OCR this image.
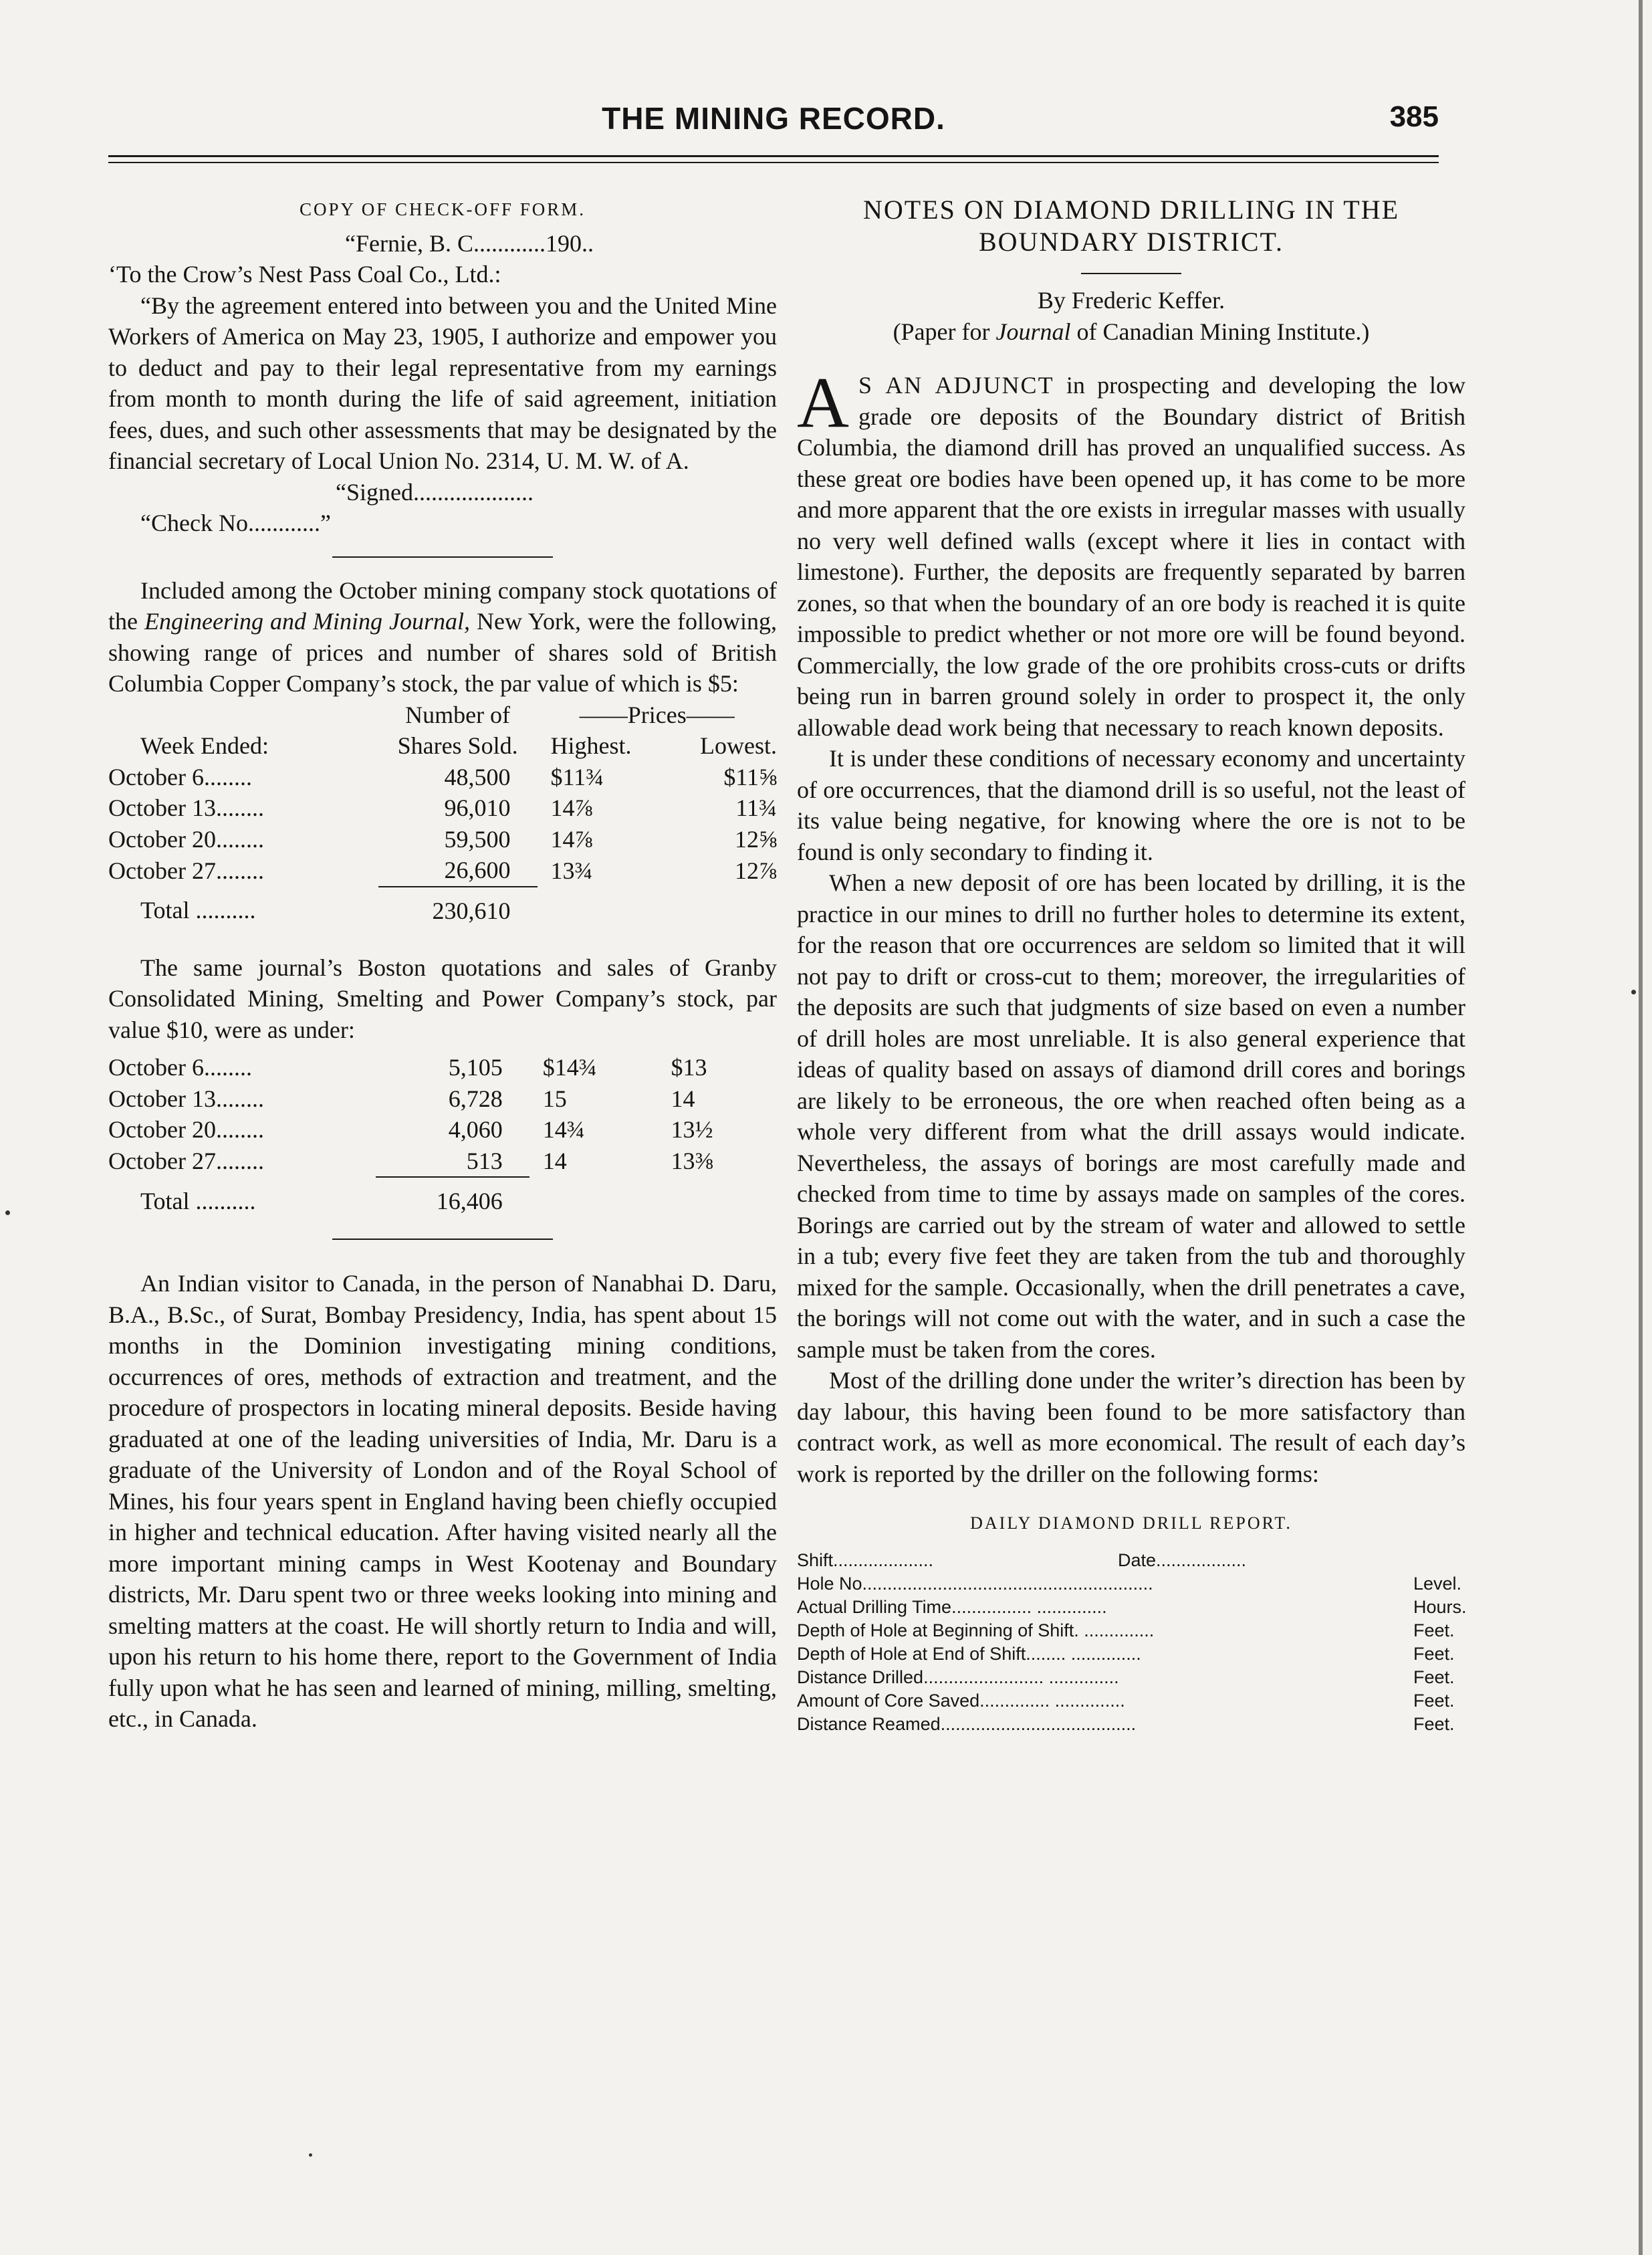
THE MINING RECORD.	385
COPY OF CHECK-OFF FORM.

“Fernie, B. C............190..

‘To the Crow’s Nest Pass Coal Co., Ltd.:

“By the agreement entered into between you and the United Mine Workers of America on May 23, 1905, I authorize and empower you to deduct and pay to their legal representative from my earnings from month to month during the life of said agreement, initiation fees, dues, and such other assessments that may be designated by the financial secretary of Local Union No. 2314, U. M. W. of A.

“Signed....................

“Check No............”

Included among the October mining company stock quotations of the Engineering and Mining Journal, New York, were the following, showing range of prices and number of shares sold of British Columbia Copper Company’s stock, the par value of which is $5:

	Number of	——Prices——	
Week Ended:	Shares Sold.	Highest.	Lowest.
October 6........	48,500	$11¾	$11⅝
October 13........	96,010	14⅞	11¾
October 20........	59,500	14⅞	12⅝
October 27........	26,600	13¾	12⅞
Total ..........	230,610		

The same journal’s Boston quotations and sales of Granby Consolidated Mining, Smelting and Power Company’s stock, par value $10, were as under:

October 6........	5,105	$14¾	$13
October 13........	6,728	15	14
October 20........	4,060	14¾	13½
October 27........	513	14	13⅜
Total ..........	16,406		

An Indian visitor to Canada, in the person of Nanabhai D. Daru, B.A., B.Sc., of Surat, Bombay Presidency, India, has spent about 15 months in the Dominion investigating mining conditions, occurrences of ores, methods of extraction and treatment, and the procedure of prospectors in locating mineral deposits. Beside having graduated at one of the leading universities of India, Mr. Daru is a graduate of the University of London and of the Royal School of Mines, his four years spent in England having been chiefly occupied in higher and technical education. After having visited nearly all the more important mining camps in West Kootenay and Boundary districts, Mr. Daru spent two or three weeks looking into mining and smelting matters at the coast. He will shortly return to India and will, upon his return to his home there, report to the Government of India fully upon what he has seen and learned of mining, milling, smelting, etc., in Canada.

NOTES ON DIAMOND DRILLING IN THE
BOUNDARY DISTRICT.

By Frederic Keffer.

(Paper for Journal of Canadian Mining Institute.)

A S AN ADJUNCT in prospecting and developing the low grade ore deposits of the Boundary district of British Columbia, the diamond drill has proved an unqualified success. As these great ore bodies have been opened up, it has come to be more and more apparent that the ore exists in irregular masses with usually no very well defined walls (except where it lies in contact with limestone). Further, the deposits are frequently separated by barren zones, so that when the boundary of an ore body is reached it is quite impossible to predict whether or not more ore will be found beyond. Commercially, the low grade of the ore prohibits cross-cuts or drifts being run in barren ground solely in order to prospect it, the only allowable dead work being that necessary to reach known deposits.

It is under these conditions of necessary economy and uncertainty of ore occurrences, that the diamond drill is so useful, not the least of its value being negative, for knowing where the ore is not to be found is only secondary to finding it.

When a new deposit of ore has been located by drilling, it is the practice in our mines to drill no further holes to determine its extent, for the reason that ore occurrences are seldom so limited that it will not pay to drift or cross-cut to them; moreover, the irregularities of the deposits are such that judgments of size based on even a number of drill holes are most unreliable. It is also general experience that ideas of quality based on assays of diamond drill cores and borings are likely to be erroneous, the ore when reached often being as a whole very different from what the drill assays would indicate. Nevertheless, the assays of borings are most carefully made and checked from time to time by assays made on samples of the cores. Borings are carried out by the stream of water and allowed to settle in a tub; every five feet they are taken from the tub and thoroughly mixed for the sample. Occasionally, when the drill penetrates a cave, the borings will not come out with the water, and in such a case the sample must be taken from the cores.

Most of the drilling done under the writer’s direction has been by day labour, this having been found to be more satisfactory than contract work, as well as more economical. The result of each day’s work is reported by the driller on the following forms:

DAILY DIAMOND DRILL REPORT.
Shift....................	Date..................
Hole No..........................................................	Level.
Actual Drilling Time................ ..............	Hours.
Depth of Hole at Beginning of Shift. ..............	Feet.
Depth of Hole at End of Shift........ ..............	Feet.
Distance Drilled........................ ..............	Feet.
Amount of Core Saved.............. ..............	Feet.
Distance Reamed.......................................	Feet.
